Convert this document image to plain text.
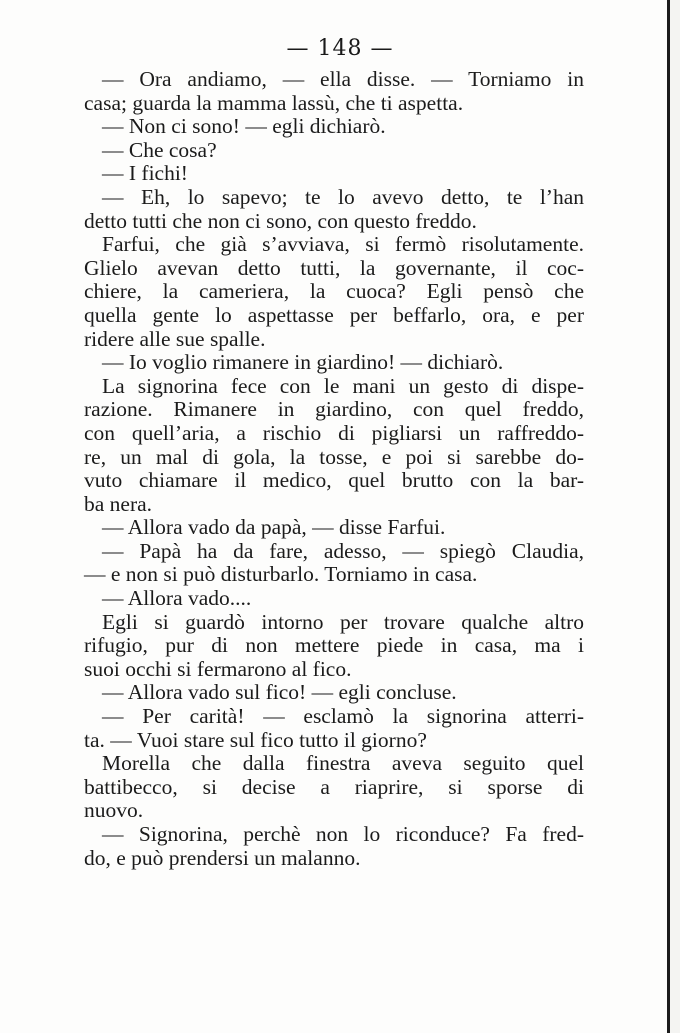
— 148 —
— Ora andiamo, — ella disse. — Torniamo in
casa; guarda la mamma lassù, che ti aspetta.
— Non ci sono! — egli dichiarò.
— Che cosa?
— I fichi!
— Eh, lo sapevo; te lo avevo detto, te l’han
detto tutti che non ci sono, con questo freddo.
Farfui, che già s’avviava, si fermò risolutamente.
Glielo avevan detto tutti, la governante, il coc-
chiere, la cameriera, la cuoca? Egli pensò che
quella gente lo aspettasse per beffarlo, ora, e per
ridere alle sue spalle.
— Io voglio rimanere in giardino! — dichiarò.
La signorina fece con le mani un gesto di dispe-
razione. Rimanere in giardino, con quel freddo,
con quell’aria, a rischio di pigliarsi un raffreddo-
re, un mal di gola, la tosse, e poi si sarebbe do-
vuto chiamare il medico, quel brutto con la bar-
ba nera.
— Allora vado da papà, — disse Farfui.
— Papà ha da fare, adesso, — spiegò Claudia,
— e non si può disturbarlo. Torniamo in casa.
— Allora vado....
Egli si guardò intorno per trovare qualche altro
rifugio, pur di non mettere piede in casa, ma i
suoi occhi si fermarono al fico.
— Allora vado sul fico! — egli concluse.
— Per carità! — esclamò la signorina atterri-
ta. — Vuoi stare sul fico tutto il giorno?
Morella che dalla finestra aveva seguito quel
battibecco, si decise a riaprire, si sporse di
nuovo.
— Signorina, perchè non lo riconduce? Fa fred-
do, e può prendersi un malanno.
